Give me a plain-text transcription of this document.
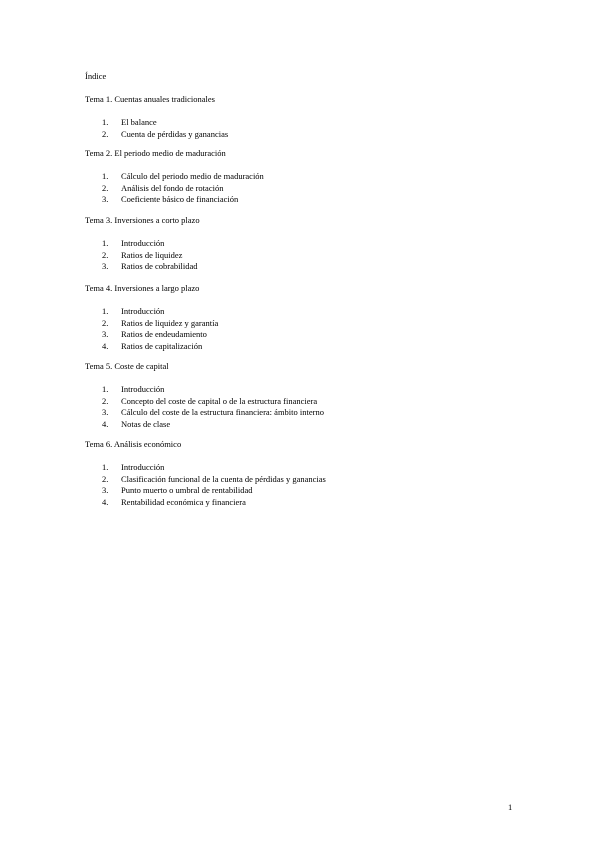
Índice
Tema 1. Cuentas anuales tradicionales
1.	El balance
2.	Cuenta de pérdidas y ganancias
Tema 2. El periodo medio de maduración
1.	Cálculo del periodo medio de maduración
2.	Análisis del fondo de rotación
3.	Coeficiente básico de financiación
Tema 3. Inversiones a corto plazo
1.	Introducción
2.	Ratios de liquidez
3.	Ratios de cobrabilidad
Tema 4. Inversiones a largo plazo
1.	Introducción
2.	Ratios de liquidez y garantía
3.	Ratios de endeudamiento
4.	Ratios de capitalización
Tema 5. Coste de capital
1.	Introducción
2.	Concepto del coste de capital o de la estructura financiera
3.	Cálculo del coste de la estructura financiera: ámbito interno
4.	Notas de clase
Tema 6. Análisis económico
1.	Introducción
2.	Clasificación funcional de la cuenta de pérdidas y ganancias
3.	Punto muerto o umbral de rentabilidad
4.	Rentabilidad económica y financiera
1
